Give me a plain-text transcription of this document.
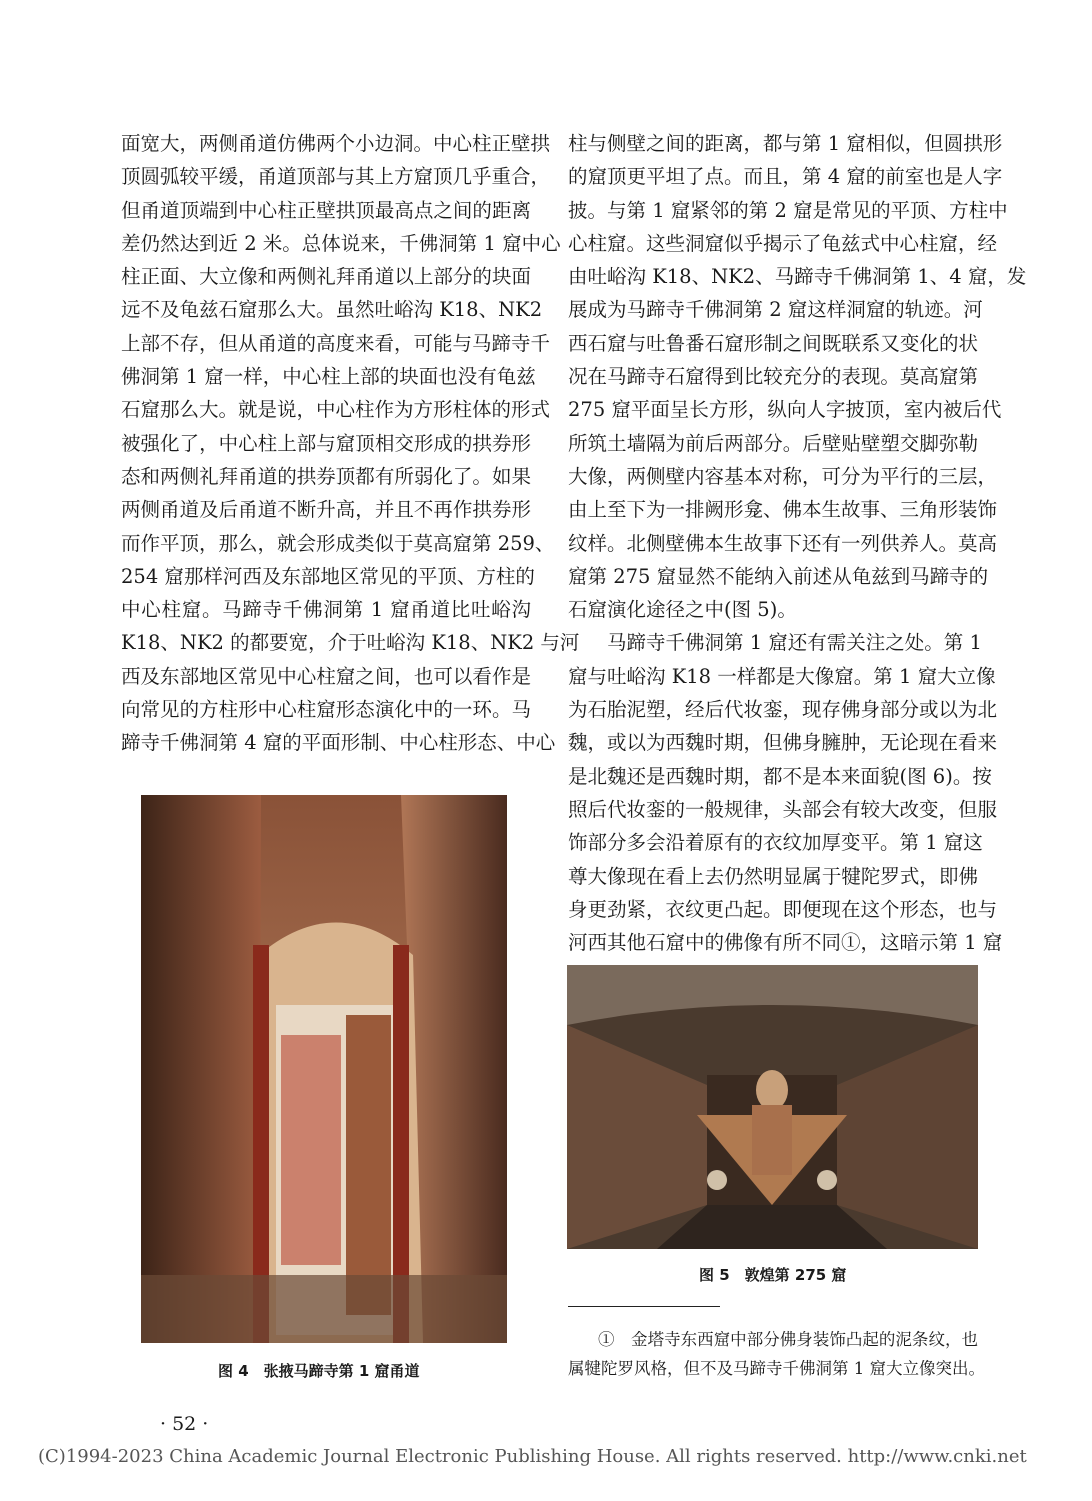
面宽大，两侧甬道仿佛两个小边洞。中心柱正壁拱
顶圆弧较平缓，甬道顶部与其上方窟顶几乎重合，
但甬道顶端到中心柱正壁拱顶最高点之间的距离
差仍然达到近 2 米。总体说来，千佛洞第 1 窟中心
柱正面、大立像和两侧礼拜甬道以上部分的块面
远不及龟兹石窟那么大。虽然吐峪沟 K18、NK2
上部不存，但从甬道的高度来看，可能与马蹄寺千
佛洞第 1 窟一样，中心柱上部的块面也没有龟兹
石窟那么大。就是说，中心柱作为方形柱体的形式
被强化了，中心柱上部与窟顶相交形成的拱券形
态和两侧礼拜甬道的拱券顶都有所弱化了。如果
两侧甬道及后甬道不断升高，并且不再作拱券形
而作平顶，那么，就会形成类似于莫高窟第 259、
254 窟那样河西及东部地区常见的平顶、方柱的
中心柱窟。马蹄寺千佛洞第 1 窟甬道比吐峪沟
K18、NK2 的都要宽，介于吐峪沟 K18、NK2 与河
西及东部地区常见中心柱窟之间，也可以看作是
向常见的方柱形中心柱窟形态演化中的一环。马
蹄寺千佛洞第 4 窟的平面形制、中心柱形态、中心
柱与侧壁之间的距离，都与第 1 窟相似，但圆拱形
的窟顶更平坦了点。而且，第 4 窟的前室也是人字
披。与第 1 窟紧邻的第 2 窟是常见的平顶、方柱中
心柱窟。这些洞窟似乎揭示了龟兹式中心柱窟，经
由吐峪沟 K18、NK2、马蹄寺千佛洞第 1、4 窟，发
展成为马蹄寺千佛洞第 2 窟这样洞窟的轨迹。河
西石窟与吐鲁番石窟形制之间既联系又变化的状
况在马蹄寺石窟得到比较充分的表现。莫高窟第
275 窟平面呈长方形，纵向人字披顶，室内被后代
所筑土墙隔为前后两部分。后壁贴壁塑交脚弥勒
大像，两侧壁内容基本对称，可分为平行的三层，
由上至下为一排阙形龛、佛本生故事、三角形装饰
纹样。北侧壁佛本生故事下还有一列供养人。莫高
窟第 275 窟显然不能纳入前述从龟兹到马蹄寺的
石窟演化途径之中(图 5)。
马蹄寺千佛洞第 1 窟还有需关注之处。第 1
窟与吐峪沟 K18 一样都是大像窟。第 1 窟大立像
为石胎泥塑，经后代妆銮，现存佛身部分或以为北
魏，或以为西魏时期，但佛身臃肿，无论现在看来
是北魏还是西魏时期，都不是本来面貌(图 6)。按
照后代妆銮的一般规律，头部会有较大改变，但服
饰部分多会沿着原有的衣纹加厚变平。第 1 窟这
尊大像现在看上去仍然明显属于犍陀罗式，即佛
身更劲紧，衣纹更凸起。即便现在这个形态，也与
河西其他石窟中的佛像有所不同①，这暗示第 1 窟
图 4　张掖马蹄寺第 1 窟甬道
图 5　敦煌第 275 窟
①　金塔寺东西窟中部分佛身装饰凸起的泥条纹，也
属犍陀罗风格，但不及马蹄寺千佛洞第 1 窟大立像突出。
· 52 ·
(C)1994-2023 China Academic Journal Electronic Publishing House. All rights reserved. http://www.cnki.net
